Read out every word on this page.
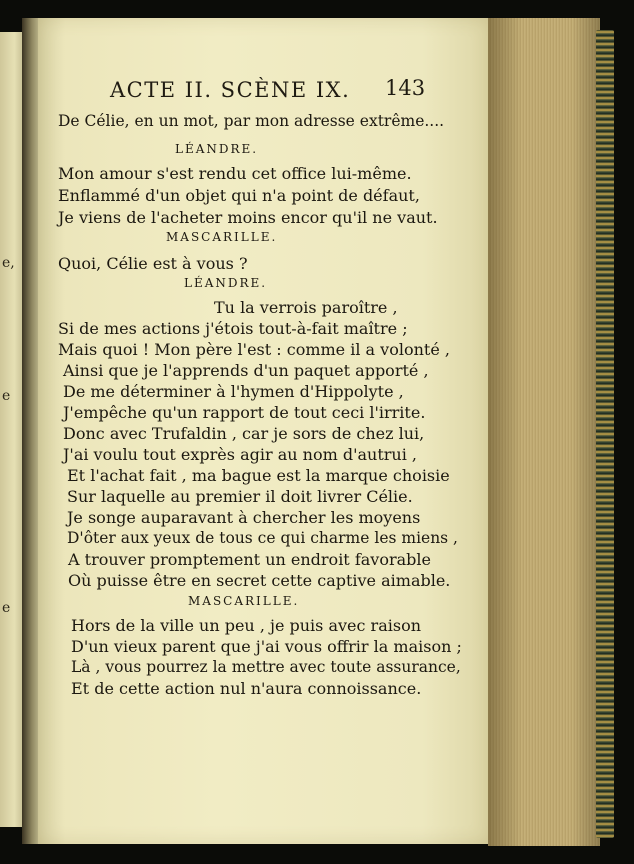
e,
e
e
ACTE II. SCÈNE IX. 143
De Célie, en un mot, par mon adresse extrême....
LÉANDRE.
Mon amour s'est rendu cet office lui-même.
Enflammé d'un objet qui n'a point de défaut,
Je viens de l'acheter moins encor qu'il ne vaut.
MASCARILLE.
Quoi, Célie est à vous ?
LÉANDRE.
Tu la verrois paroître ,
Si de mes actions j'étois tout-à-fait maître ;
Mais quoi ! Mon père l'est : comme il a volonté ,
Ainsi que je l'apprends d'un paquet apporté ,
De me déterminer à l'hymen d'Hippolyte ,
J'empêche qu'un rapport de tout ceci l'irrite.
Donc avec Trufaldin , car je sors de chez lui,
J'ai voulu tout exprès agir au nom d'autrui ,
Et l'achat fait , ma bague est la marque choisie
Sur laquelle au premier il doit livrer Célie.
Je songe auparavant à chercher les moyens
D'ôter aux yeux de tous ce qui charme les miens ,
A trouver promptement un endroit favorable
Où puisse être en secret cette captive aimable.
MASCARILLE.
Hors de la ville un peu , je puis avec raison
D'un vieux parent que j'ai vous offrir la maison ;
Là , vous pourrez la mettre avec toute assurance,
Et de cette action nul n'aura connoissance.
